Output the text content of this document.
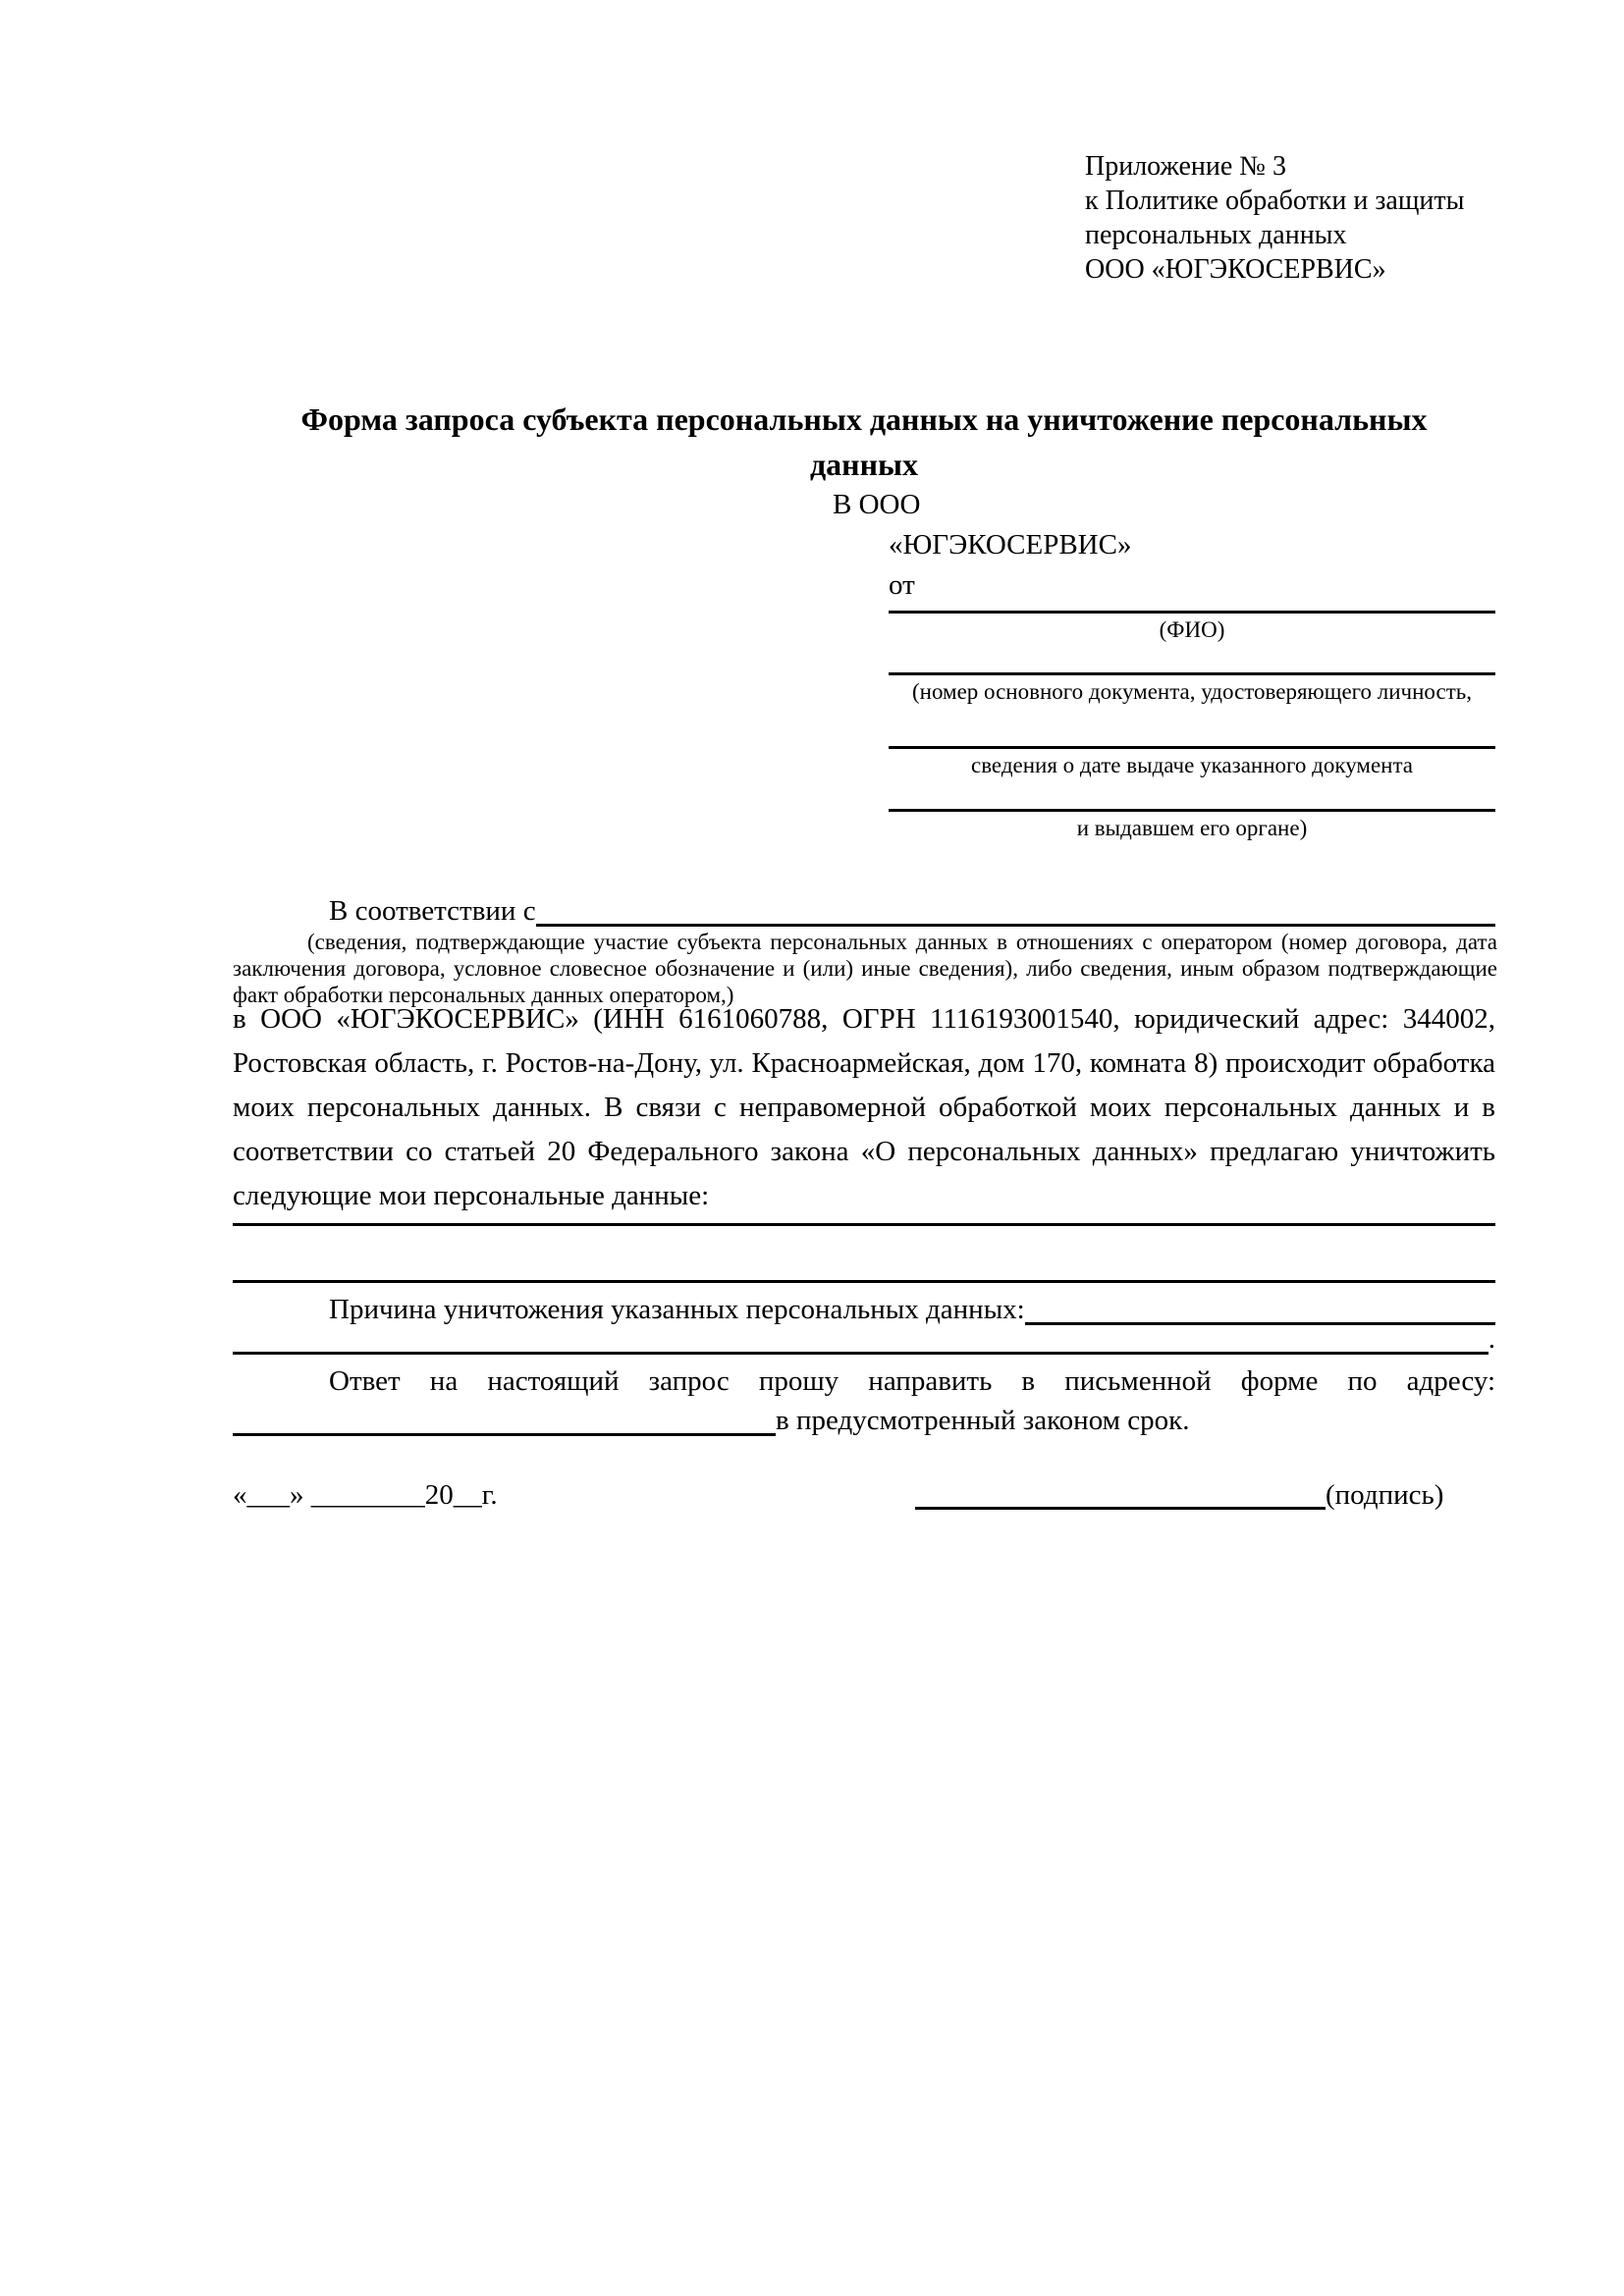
Приложение № 3
к Политике обработки и защиты
персональных данных
ООО «ЮГЭКОСЕРВИС»
Форма запроса субъекта персональных данных на уничтожение персональных данных
В ООО
«ЮГЭКОСЕРВИС»
от
(ФИО)
(номер основного документа, удостоверяющего личность,
сведения о дате выдаче указанного документа
и выдавшем его органе)
В соответствии с
(сведения, подтверждающие участие субъекта персональных данных в отношениях с оператором (номер договора, дата заключения договора, условное словесное обозначение и (или) иные сведения), либо сведения, иным образом подтверждающие факт обработки персональных данных оператором,)
в ООО «ЮГЭКОСЕРВИС» (ИНН 6161060788, ОГРН 1116193001540, юридический адрес: 344002, Ростовская область, г. Ростов-на-Дону, ул. Красноармейская, дом 170, комната 8) происходит обработка моих персональных данных. В связи с неправомерной обработкой моих персональных данных и в соответствии со статьей 20 Федерального закона «О персональных данных» предлагаю уничтожить следующие мои персональные данные:
Причина уничтожения указанных персональных данных:
.
Ответ на настоящий запрос прошу направить в письменной форме по адресу:
в предусмотренный законом срок.
«___» ________20__г.	(подпись)
